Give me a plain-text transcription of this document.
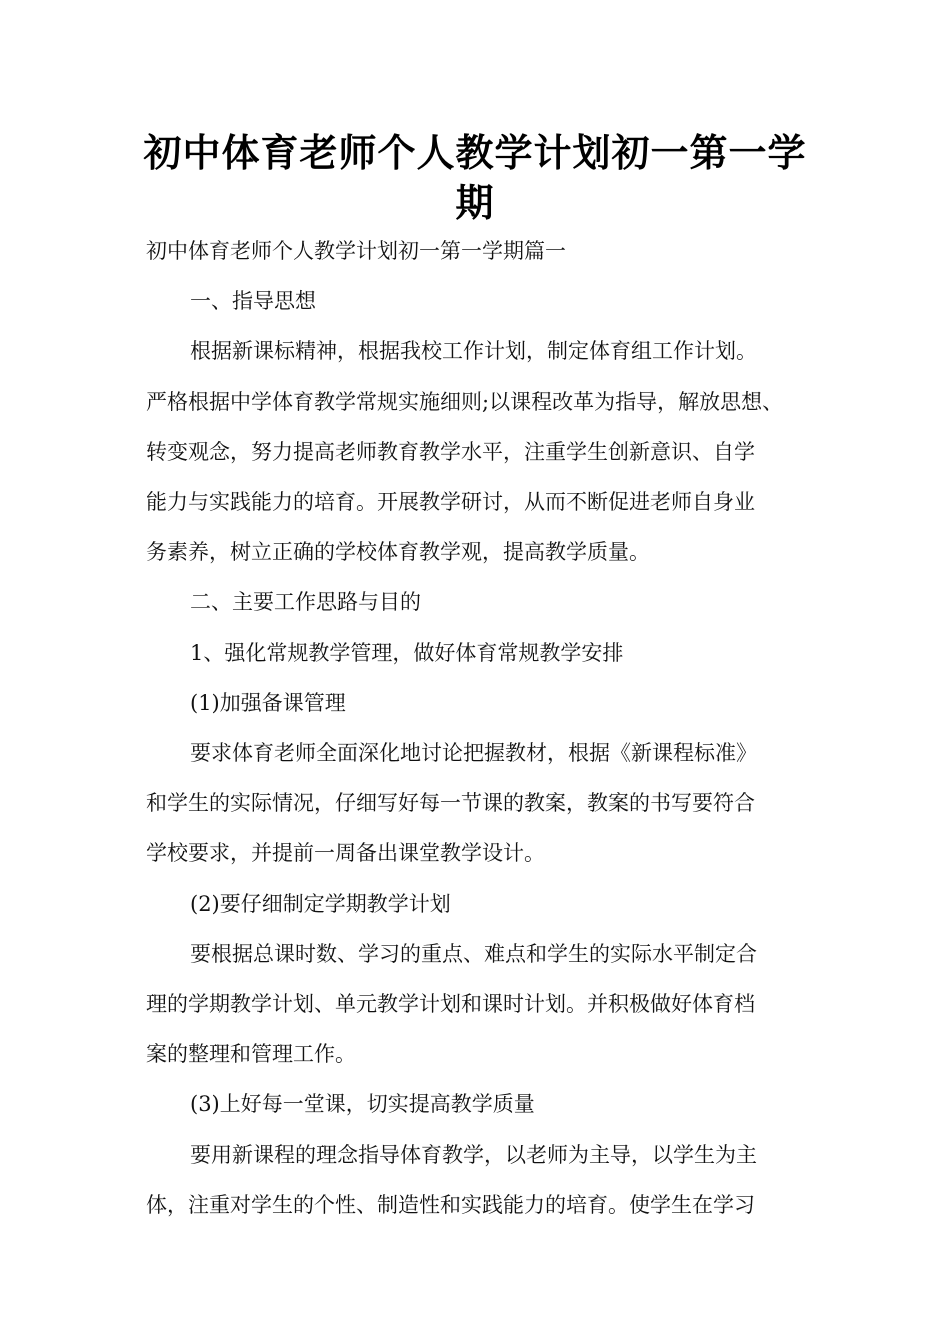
初中体育老师个人教学计划初一第一学
期

初中体育老师个人教学计划初一第一学期篇一

一、指导思想

根据新课标精神，根据我校工作计划，制定体育组工作计划。

严格根据中学体育教学常规实施细则;以课程改革为指导，解放思想、

转变观念，努力提高老师教育教学水平，注重学生创新意识、自学

能力与实践能力的培育。开展教学研讨，从而不断促进老师自身业

务素养，树立正确的学校体育教学观，提高教学质量。

二、主要工作思路与目的

1、强化常规教学管理，做好体育常规教学安排

(1)加强备课管理

要求体育老师全面深化地讨论把握教材，根据《新课程标准》

和学生的实际情况，仔细写好每一节课的教案，教案的书写要符合

学校要求，并提前一周备出课堂教学设计。

(2)要仔细制定学期教学计划

要根据总课时数、学习的重点、难点和学生的实际水平制定合

理的学期教学计划、单元教学计划和课时计划。并积极做好体育档

案的整理和管理工作。

(3)上好每一堂课，切实提高教学质量

要用新课程的理念指导体育教学，以老师为主导，以学生为主

体，注重对学生的个性、制造性和实践能力的培育。使学生在学习
